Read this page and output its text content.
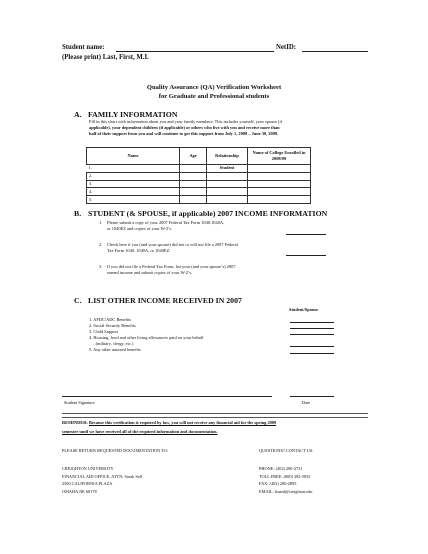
Student name:	NetID:
(Please print) Last, First, M.I.
Quality Assurance (QA) Verification Worksheet
for Graduate and Professional students
A. FAMILY INFORMATION
Fill in this chart with information about you and your family members. This includes yourself, your spouse (if
applicable), your dependent children (if applicable) or others who live with you and receive more than
half of their support from you and will continue to get this support from July 1, 2008 – June 30, 2009.
Name	Age	Relationship	Name of College Enrolled in 2008/09
1.		Student	
2.			
3.			
4.			
5.			
B. STUDENT (& SPOUSE, if applicable) 2007 INCOME INFORMATION
1. Please submit a copy of your 2007 Federal Tax Form 1040,1040A,
or 1040EZ and copies of your W-2’s.
2. Check here if you (and your spouse) did not or will not file a 2007 Federal
Tax Form 1040, 1040A, or 1040EZ.
3. If you did not file a Federal Tax Form, list your (and your spouse’s) 2007
earned income and submit copies of your W-2’s.
C. LIST OTHER INCOME RECEIVED IN 2007
Student/Spouse
1. AFDC/ADC Benefits
2. Social Security Benefits
3. Child Support
4. Housing, food and other living allowances paid on your behalf
(military, clergy, etc.)
5. Any other untaxed benefits
Student Signature	Date
REMINDER: Because this verification is required by law, you will not receive any financial aid for the spring 2009
semester until we have received all of the required information and documentation.
PLEASE RETURN REQUESTED DOCUMENTATION TO:	QUESTIONS? CONTACT US:
CREIGHTON UNIVERSITY
FINANCIAL AID OFFICE, ATTN: Sarah Sell
2500 CALIFORNIA PLAZA
OMAHA NE 68178
PHONE: (402) 280-2731
TOLL FREE: (800) 282-5835
FAX: (402) 280-2895
EMAIL: finaid@creighton.edu
